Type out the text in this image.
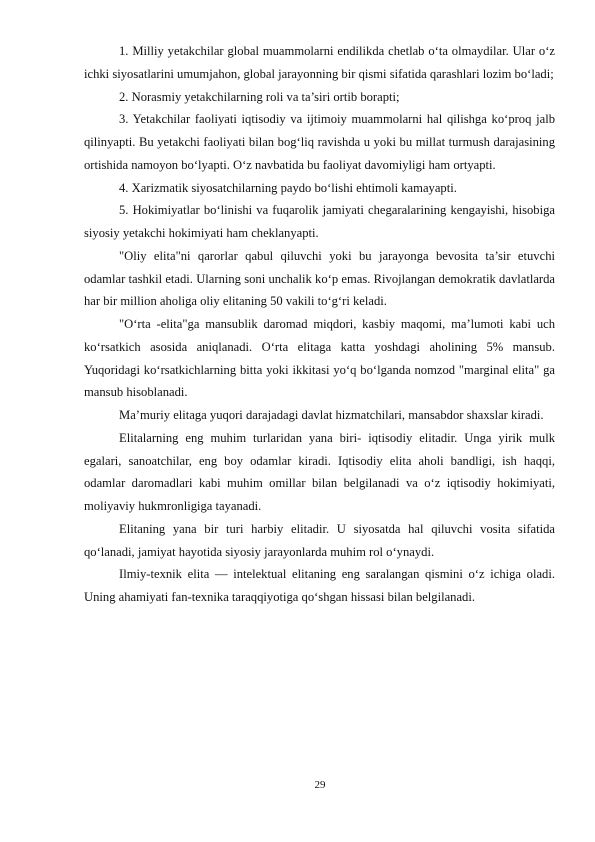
1. Milliy yetakchilar global muammolarni endilikda chetlab o‘ta olmaydilar. Ular o‘z ichki siyosatlarini umumjahon, global jarayonning bir qismi sifatida qarashlari lozim bo‘ladi;

2. Norasmiy yetakchilarning roli va ta’siri ortib borapti;

3. Yetakchilar faoliyati iqtisodiy va ijtimoiy muammolarni hal qilishga ko‘proq jalb qilinyapti. Bu yetakchi faoliyati bilan bog‘liq ravishda u yoki bu millat turmush darajasining ortishida namoyon bo‘lyapti. O‘z navbatida bu faoliyat davomiyligi ham ortyapti.

4. Xarizmatik siyosatchilarning paydo bo‘lishi ehtimoli kamayapti.

5. Hokimiyatlar bo‘linishi va fuqarolik jamiyati chegaralarining kengayishi, hisobiga siyosiy yetakchi hokimiyati ham cheklanyapti.

"Oliy elita"ni qarorlar qabul qiluvchi yoki bu jarayonga bevosita ta’sir etuvchi odamlar tashkil etadi. Ularning soni unchalik ko‘p emas. Rivojlangan demokratik davlatlarda har bir million aholiga oliy elitaning 50 vakili to‘g‘ri keladi.

"O‘rta -elita"ga mansublik daromad miqdori, kasbiy maqomi, ma’lumoti kabi uch ko‘rsatkich asosida aniqlanadi. O‘rta elitaga katta yoshdagi aholining 5% mansub. Yuqoridagi ko‘rsatkichlarning bitta yoki ikkitasi yo‘q bo‘lganda nomzod "marginal elita" ga mansub hisoblanadi.

Ma’muriy elitaga yuqori darajadagi davlat hizmatchilari, mansabdor shaxslar kiradi.

Elitalarning eng muhim turlaridan yana biri- iqtisodiy elitadir. Unga yirik mulk egalari, sanoatchilar, eng boy odamlar kiradi. Iqtisodiy elita aholi bandligi, ish haqqi, odamlar daromadlari kabi muhim omillar bilan belgilanadi va o‘z iqtisodiy hokimiyati, moliyaviy hukmronligiga tayanadi.

Elitaning yana bir turi harbiy elitadir. U siyosatda hal qiluvchi vosita sifatida qo‘lanadi, jamiyat hayotida siyosiy jarayonlarda muhim rol o‘ynaydi.

Ilmiy-texnik elita — intelektual elitaning eng saralangan qismini o‘z ichiga oladi. Uning ahamiyati fan-texnika taraqqiyotiga qo‘shgan hissasi bilan belgilanadi.

29
